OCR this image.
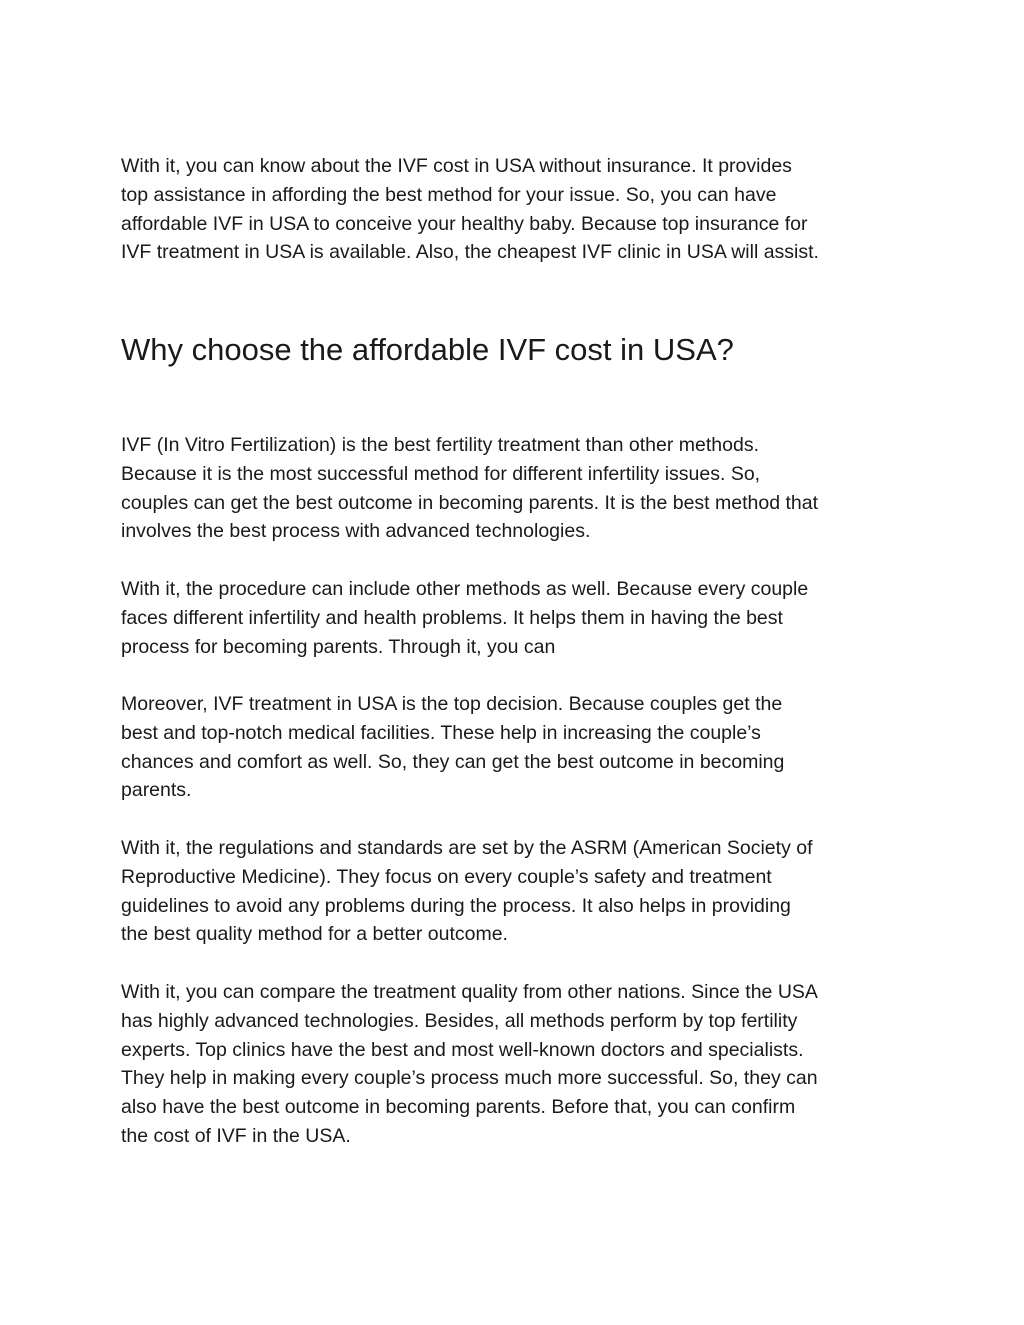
With it, you can know about the IVF cost in USA without insurance. It provides
top assistance in affording the best method for your issue. So, you can have
affordable IVF in USA to conceive your healthy baby. Because top insurance for
IVF treatment in USA is available. Also, the cheapest IVF clinic in USA will assist.

Why choose the affordable IVF cost in USA?

IVF (In Vitro Fertilization) is the best fertility treatment than other methods.
Because it is the most successful method for different infertility issues. So,
couples can get the best outcome in becoming parents. It is the best method that
involves the best process with advanced technologies.

With it, the procedure can include other methods as well. Because every couple
faces different infertility and health problems. It helps them in having the best
process for becoming parents. Through it, you can

Moreover, IVF treatment in USA is the top decision. Because couples get the
best and top-notch medical facilities. These help in increasing the couple’s
chances and comfort as well. So, they can get the best outcome in becoming
parents.

With it, the regulations and standards are set by the ASRM (American Society of
Reproductive Medicine). They focus on every couple’s safety and treatment
guidelines to avoid any problems during the process. It also helps in providing
the best quality method for a better outcome.

With it, you can compare the treatment quality from other nations. Since the USA
has highly advanced technologies. Besides, all methods perform by top fertility
experts. Top clinics have the best and most well-known doctors and specialists.
They help in making every couple’s process much more successful. So, they can
also have the best outcome in becoming parents. Before that, you can confirm
the cost of IVF in the USA.
